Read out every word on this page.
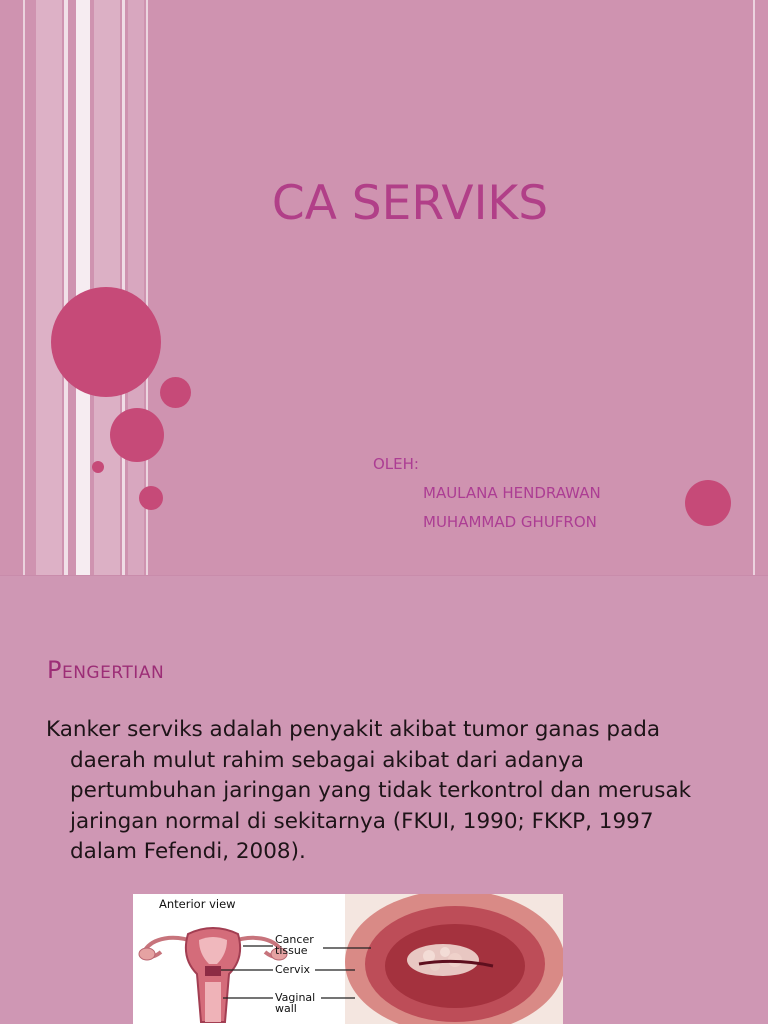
CA SERVIKS
OLEH:
MAULANA HENDRAWAN
MUHAMMAD GHUFRON
Pengertian
Kanker serviks adalah penyakit akibat tumor ganas pada daerah mulut rahim sebagai akibat dari adanya pertumbuhan jaringan yang tidak terkontrol dan merusak jaringan normal di sekitarnya (FKUI, 1990; FKKP, 1997 dalam Fefendi, 2008).
Anterior view
Cancer tissue
Cervix
Vaginal wall
